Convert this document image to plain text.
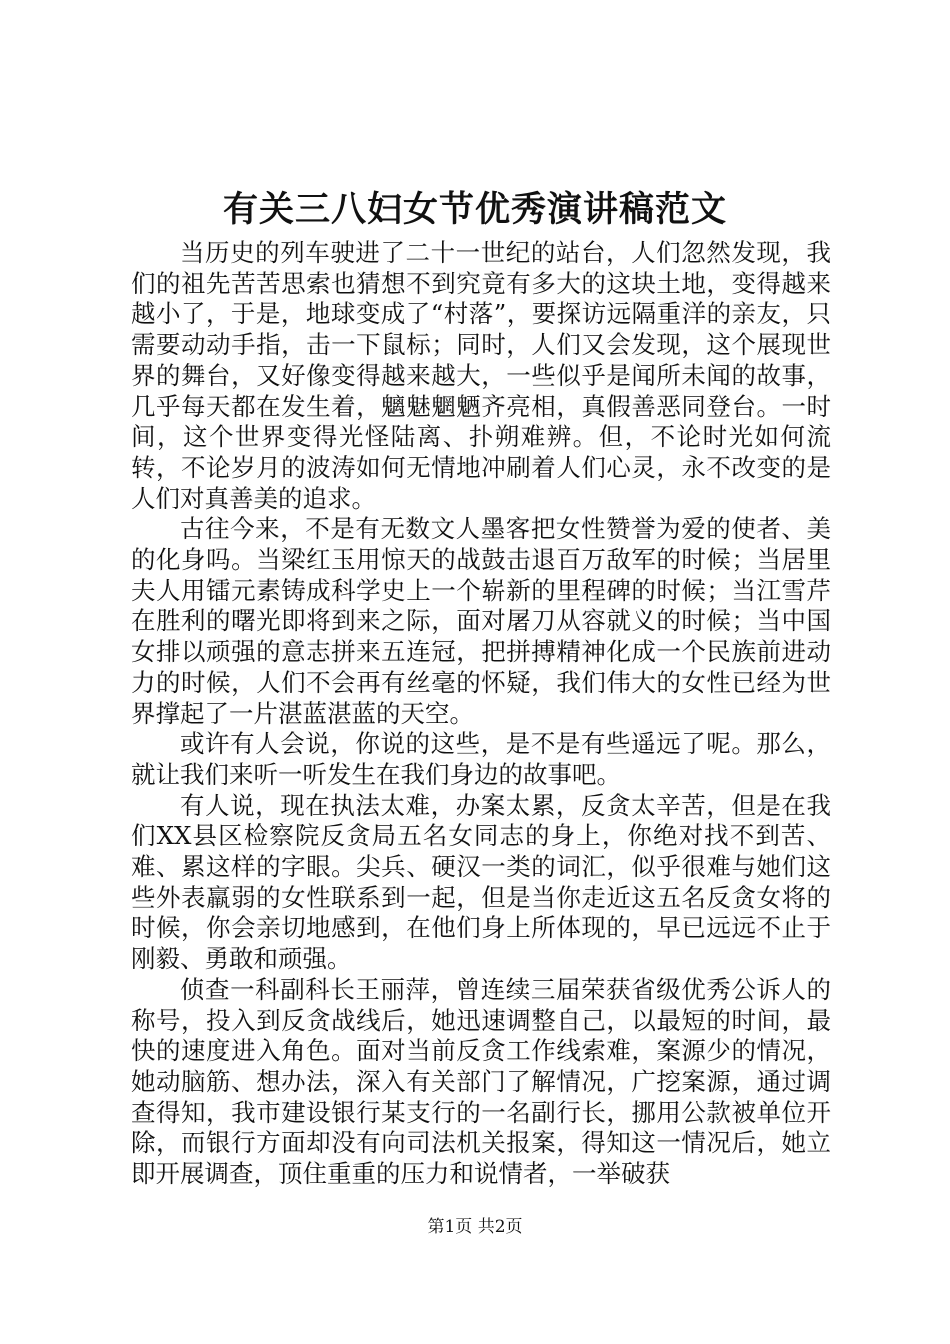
有关三八妇女节优秀演讲稿范文

当历史的列车驶进了二十一世纪的站台，人们忽然发现，我们的祖先苦苦思索也猜想不到究竟有多大的这块土地，变得越来越小了，于是，地球变成了“村落”，要探访远隔重洋的亲友，只需要动动手指，击一下鼠标；同时，人们又会发现，这个展现世界的舞台，又好像变得越来越大，一些似乎是闻所未闻的故事，几乎每天都在发生着，魑魅魍魉齐亮相，真假善恶同登台。一时间，这个世界变得光怪陆离、扑朔难辨。但，不论时光如何流转，不论岁月的波涛如何无情地冲刷着人们心灵，永不改变的是人们对真善美的追求。

古往今来，不是有无数文人墨客把女性赞誉为爱的使者、美的化身吗。当梁红玉用惊天的战鼓击退百万敌军的时候；当居里夫人用镭元素铸成科学史上一个崭新的里程碑的时候；当江雪芹在胜利的曙光即将到来之际，面对屠刀从容就义的时候；当中国女排以顽强的意志拼来五连冠，把拼搏精神化成一个民族前进动力的时候，人们不会再有丝毫的怀疑，我们伟大的女性已经为世界撑起了一片湛蓝湛蓝的天空。

或许有人会说，你说的这些，是不是有些遥远了呢。那么，就让我们来听一听发生在我们身边的故事吧。

有人说，现在执法太难，办案太累，反贪太辛苦，但是在我们XX县区检察院反贪局五名女同志的身上，你绝对找不到苦、难、累这样的字眼。尖兵、硬汉一类的词汇，似乎很难与她们这些外表羸弱的女性联系到一起，但是当你走近这五名反贪女将的时候，你会亲切地感到，在他们身上所体现的，早已远远不止于刚毅、勇敢和顽强。

侦查一科副科长王丽萍，曾连续三届荣获省级优秀公诉人的称号，投入到反贪战线后，她迅速调整自己，以最短的时间，最快的速度进入角色。面对当前反贪工作线索难，案源少的情况，她动脑筋、想办法，深入有关部门了解情况，广挖案源，通过调查得知，我市建设银行某支行的一名副行长，挪用公款被单位开除，而银行方面却没有向司法机关报案，得知这一情况后，她立即开展调查，顶住重重的压力和说情者，一举破获

第1页 共2页
